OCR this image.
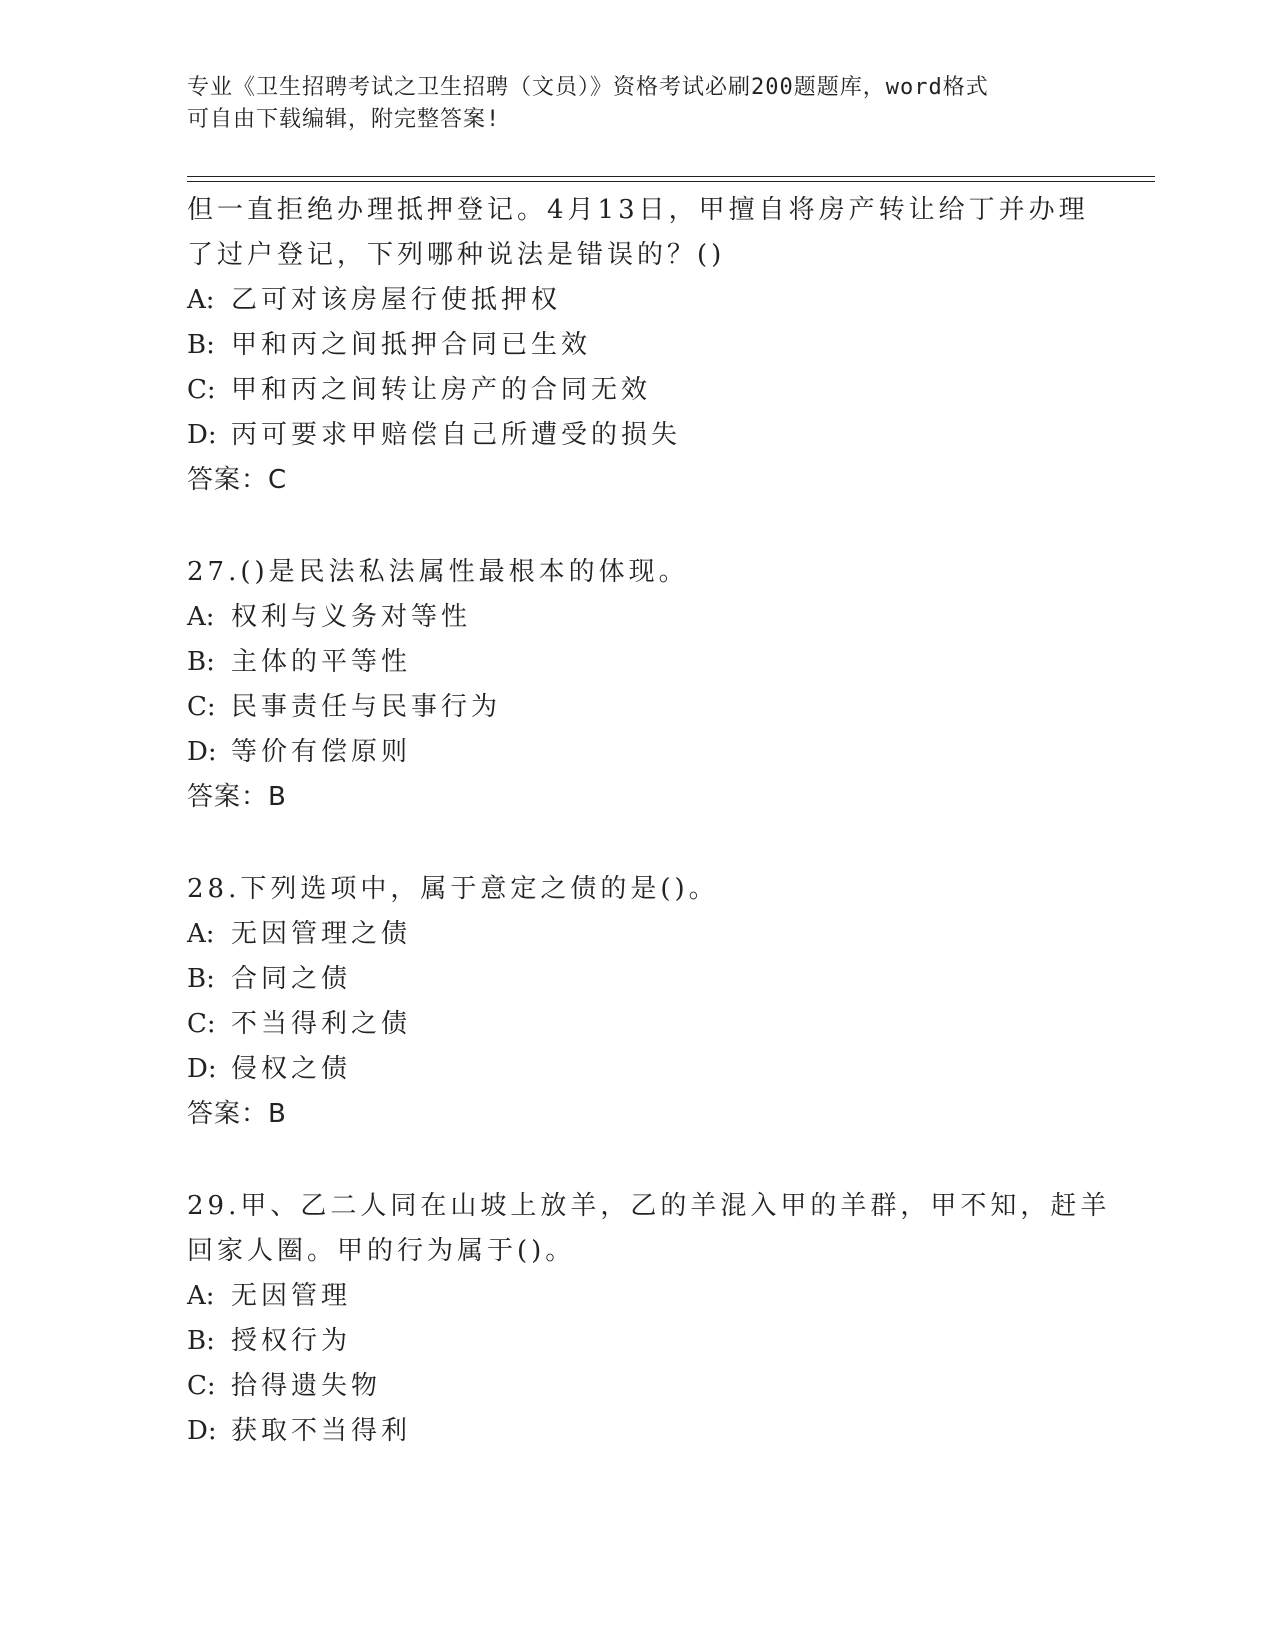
专业《卫生招聘考试之卫生招聘（文员）》资格考试必刷200题题库，word格式
可自由下载编辑，附完整答案!
但一直拒绝办理抵押登记。4月13日，甲擅自将房产转让给丁并办理
了过户登记，下列哪种说法是错误的？()
A: 乙可对该房屋行使抵押权
B: 甲和丙之间抵押合同已生效
C: 甲和丙之间转让房产的合同无效
D: 丙可要求甲赔偿自己所遭受的损失
答案：C
27.()是民法私法属性最根本的体现。
A: 权利与义务对等性
B: 主体的平等性
C: 民事责任与民事行为
D: 等价有偿原则
答案：B
28.下列选项中，属于意定之债的是()。
A: 无因管理之债
B: 合同之债
C: 不当得利之债
D: 侵权之债
答案：B
29.甲、乙二人同在山坡上放羊，乙的羊混入甲的羊群，甲不知，赶羊
回家人圈。甲的行为属于()。
A: 无因管理
B: 授权行为
C: 拾得遗失物
D: 获取不当得利
